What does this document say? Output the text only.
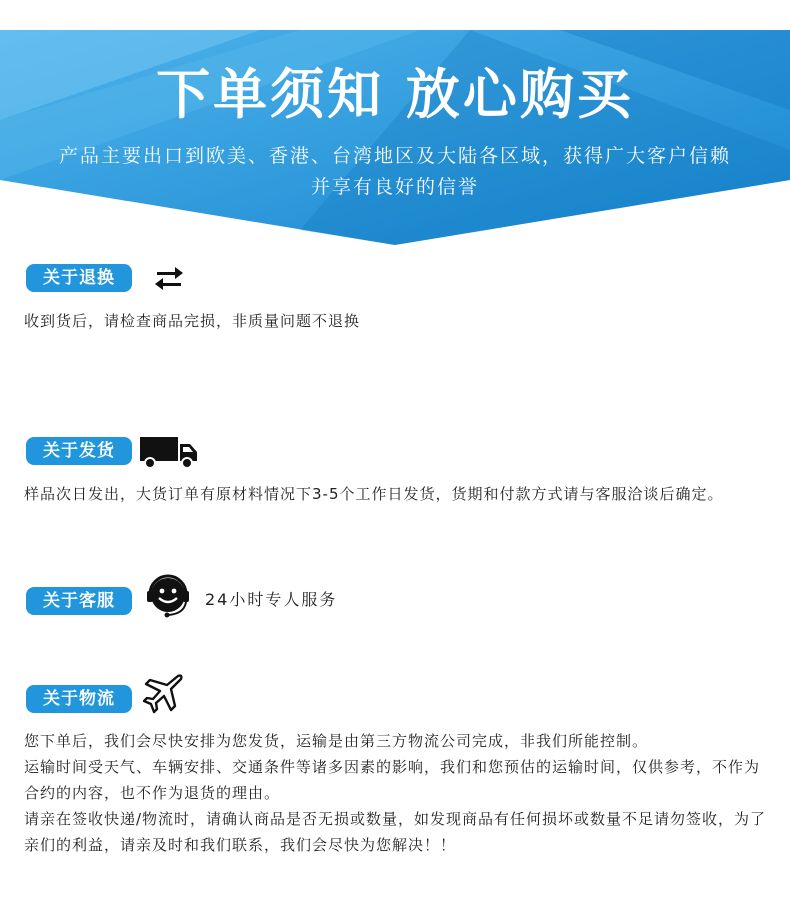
下单须知 放心购买

产品主要出口到欧美、香港、台湾地区及大陆各区域，获得广大客户信赖

并享有良好的信誉

关于退换

收到货后，请检查商品完损，非质量问题不退换

关于发货

样品次日发出，大货订单有原材料情况下3-5个工作日发货，货期和付款方式请与客服洽谈后确定。

关于客服	24小时专人服务
关于物流

您下单后，我们会尽快安排为您发货，运输是由第三方物流公司完成，非我们所能控制。

运输时间受天气、车辆安排、交通条件等诸多因素的影响，我们和您预估的运输时间，仅供参考，不作为合约的内容，也不作为退货的理由。

请亲在签收快递/物流时，请确认商品是否无损或数量，如发现商品有任何损坏或数量不足请勿签收，为了亲们的利益，请亲及时和我们联系，我们会尽快为您解决！！
